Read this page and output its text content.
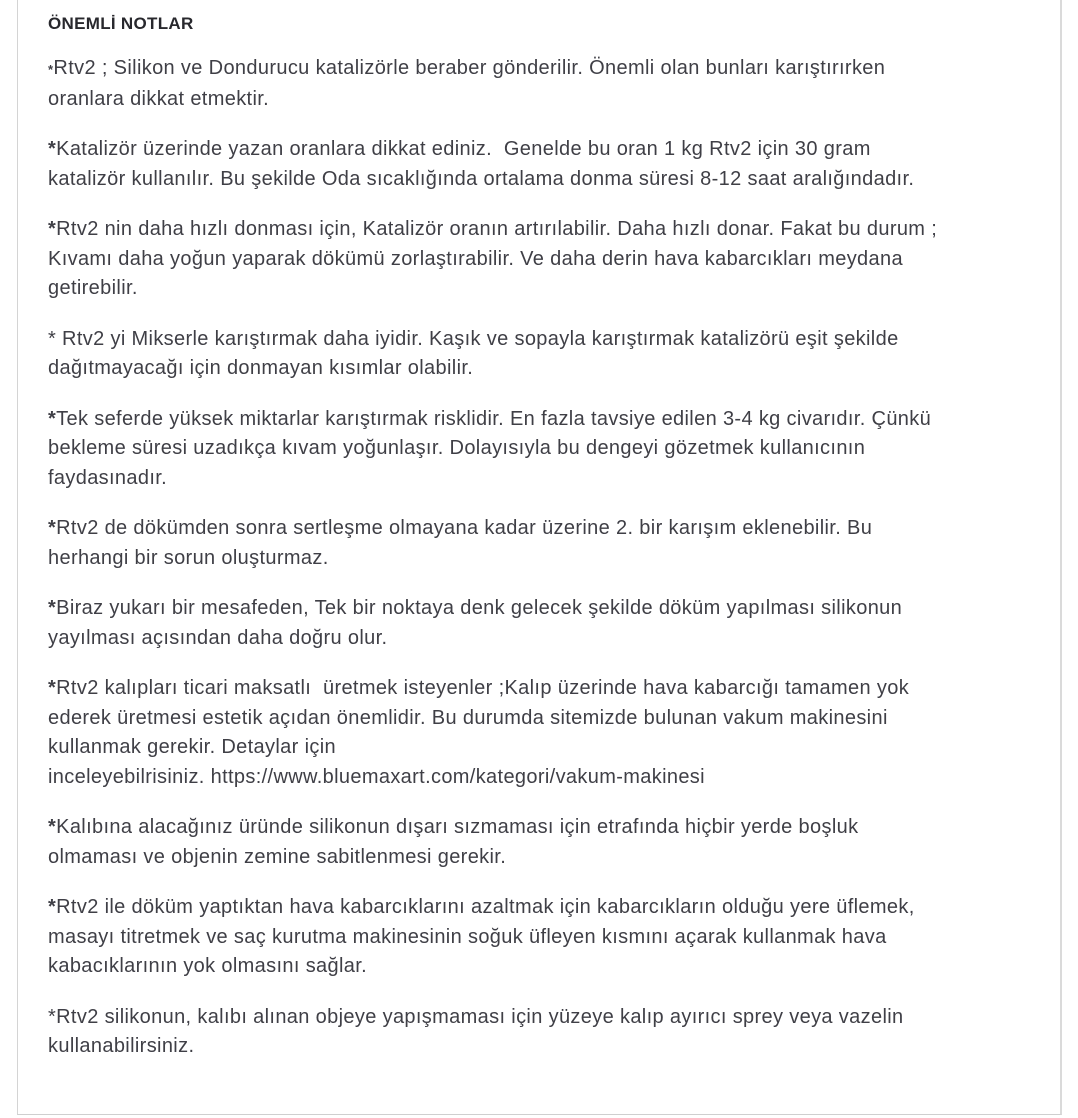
ÖNEMLİ NOTLAR

*Rtv2 ; Silikon ve Dondurucu katalizörle beraber gönderilir. Önemli olan bunları karıştırırken
oranlara dikkat etmektir.

*Katalizör üzerinde yazan oranlara dikkat ediniz.  Genelde bu oran 1 kg Rtv2 için 30 gram
katalizör kullanılır. Bu şekilde Oda sıcaklığında ortalama donma süresi 8-12 saat aralığındadır.

*Rtv2 nin daha hızlı donması için, Katalizör oranın artırılabilir. Daha hızlı donar. Fakat bu durum ;
Kıvamı daha yoğun yaparak dökümü zorlaştırabilir. Ve daha derin hava kabarcıkları meydana
getirebilir.

* Rtv2 yi Mikserle karıştırmak daha iyidir. Kaşık ve sopayla karıştırmak katalizörü eşit şekilde
dağıtmayacağı için donmayan kısımlar olabilir.

*Tek seferde yüksek miktarlar karıştırmak risklidir. En fazla tavsiye edilen 3-4 kg civarıdır. Çünkü
bekleme süresi uzadıkça kıvam yoğunlaşır. Dolayısıyla bu dengeyi gözetmek kullanıcının
faydasınadır.

*Rtv2 de dökümden sonra sertleşme olmayana kadar üzerine 2. bir karışım eklenebilir. Bu
herhangi bir sorun oluşturmaz.

*Biraz yukarı bir mesafeden, Tek bir noktaya denk gelecek şekilde döküm yapılması silikonun
yayılması açısından daha doğru olur.

*Rtv2 kalıpları ticari maksatlı  üretmek isteyenler ;Kalıp üzerinde hava kabarcığı tamamen yok
ederek üretmesi estetik açıdan önemlidir. Bu durumda sitemizde bulunan vakum makinesini
kullanmak gerekir. Detaylar için
inceleyebilrisiniz. https://www.bluemaxart.com/kategori/vakum-makinesi

*Kalıbına alacağınız üründe silikonun dışarı sızmaması için etrafında hiçbir yerde boşluk
olmaması ve objenin zemine sabitlenmesi gerekir.

*Rtv2 ile döküm yaptıktan hava kabarcıklarını azaltmak için kabarcıkların olduğu yere üflemek,
masayı titretmek ve saç kurutma makinesinin soğuk üfleyen kısmını açarak kullanmak hava
kabacıklarının yok olmasını sağlar.

*Rtv2 silikonun, kalıbı alınan objeye yapışmaması için yüzeye kalıp ayırıcı sprey veya vazelin
kullanabilirsiniz.
